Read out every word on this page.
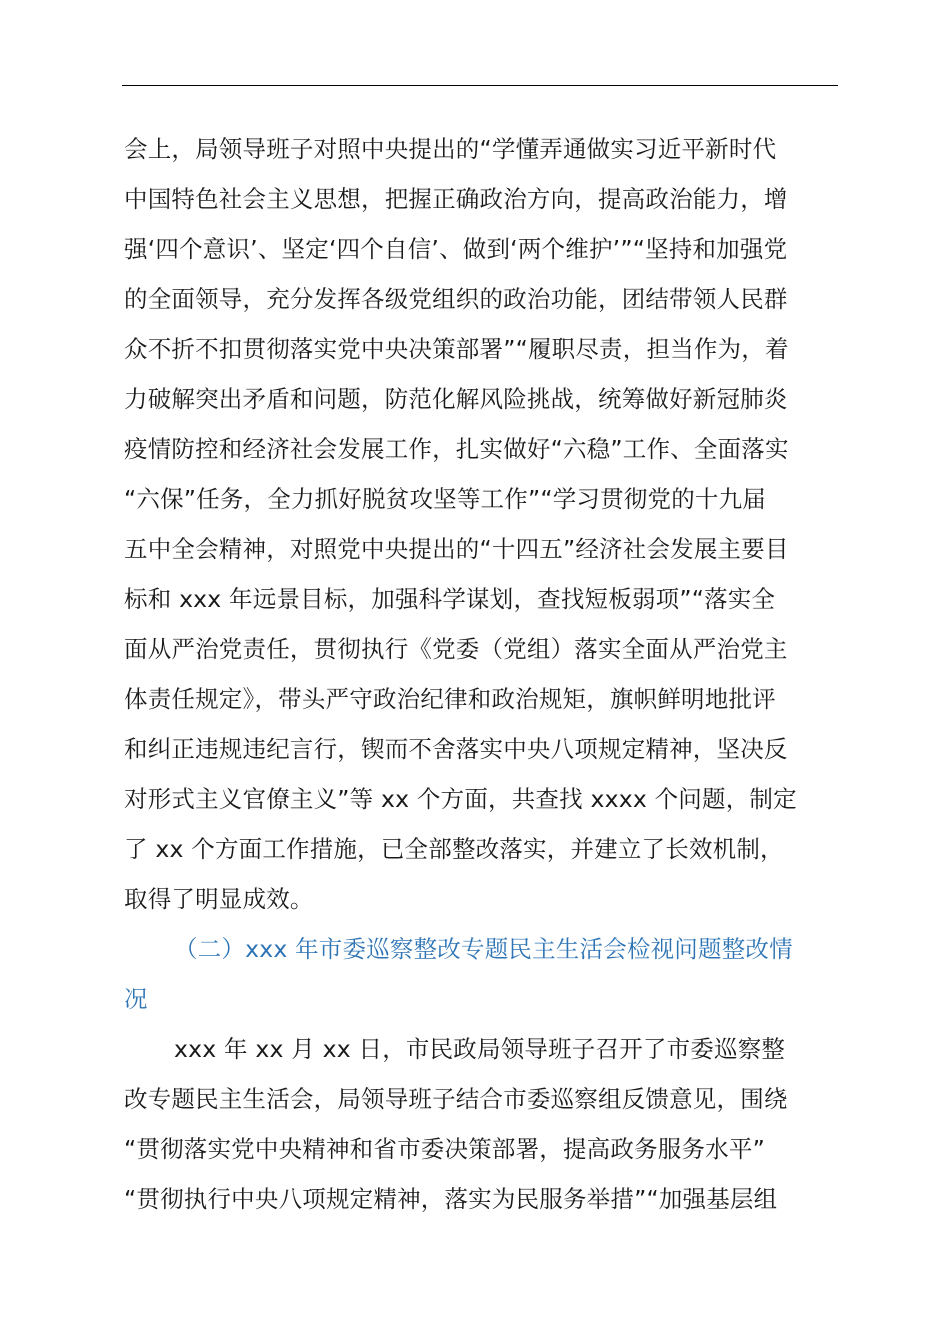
会上，局领导班子对照中央提出的“学懂弄通做实习近平新时代
中国特色社会主义思想，把握正确政治方向，提高政治能力，增
强‘四个意识’、坚定‘四个自信’、做到‘两个维护’”“坚持和加强党
的全面领导，充分发挥各级党组织的政治功能，团结带领人民群
众不折不扣贯彻落实党中央决策部署”“履职尽责，担当作为，着
力破解突出矛盾和问题，防范化解风险挑战，统筹做好新冠肺炎
疫情防控和经济社会发展工作，扎实做好“六稳”工作、全面落实
“六保”任务，全力抓好脱贫攻坚等工作”“学习贯彻党的十九届
五中全会精神，对照党中央提出的“十四五”经济社会发展主要目
标和 xxx 年远景目标，加强科学谋划，查找短板弱项”“落实全
面从严治党责任，贯彻执行《党委（党组）落实全面从严治党主
体责任规定》，带头严守政治纪律和政治规矩，旗帜鲜明地批评
和纠正违规违纪言行，锲而不舍落实中央八项规定精神，坚决反
对形式主义官僚主义”等 xx 个方面，共查找 xxxx 个问题，制定
了 xx 个方面工作措施，已全部整改落实，并建立了长效机制，
取得了明显成效。
（二）xxx 年市委巡察整改专题民主生活会检视问题整改情
况
xxx 年 xx 月 xx 日，市民政局领导班子召开了市委巡察整
改专题民主生活会，局领导班子结合市委巡察组反馈意见，围绕
“贯彻落实党中央精神和省市委决策部署，提高政务服务水平”
“贯彻执行中央八项规定精神，落实为民服务举措”“加强基层组
